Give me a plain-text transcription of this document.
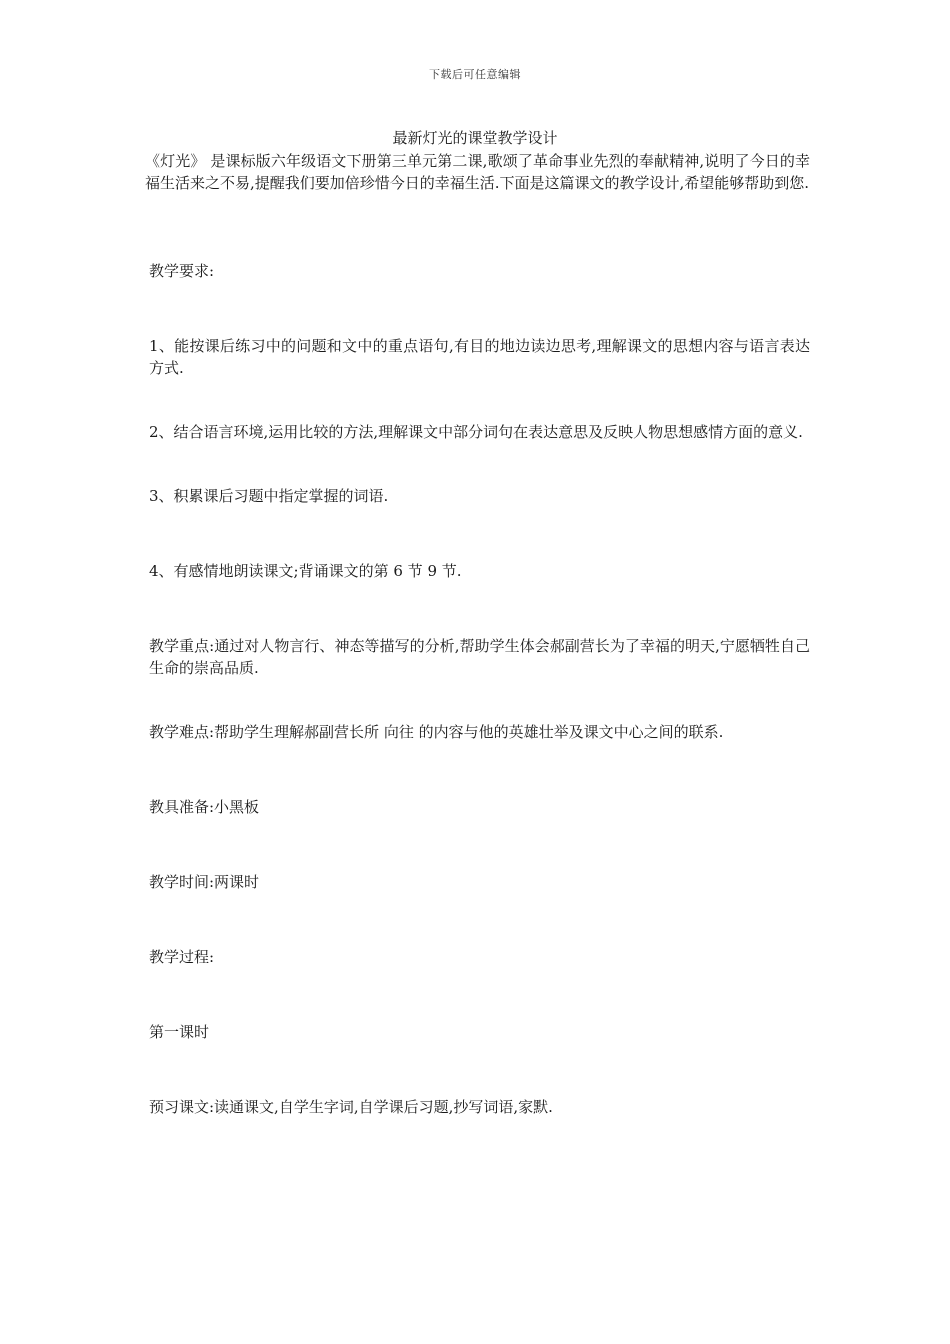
下载后可任意编辑
最新灯光的课堂教学设计

《灯光》 是课标版六年级语文下册第三单元第二课,歌颂了革命事业先烈的奉献精神,说明了今日的幸福生活来之不易,提醒我们要加倍珍惜今日的幸福生活.下面是这篇课文的教学设计,希望能够帮助到您.

教学要求:

1、能按课后练习中的问题和文中的重点语句,有目的地边读边思考,理解课文的思想内容与语言表达方式.

2、结合语言环境,运用比较的方法,理解课文中部分词句在表达意思及反映人物思想感情方面的意义.

3、积累课后习题中指定掌握的词语.

4、有感情地朗读课文;背诵课文的第 6 节 9 节.

教学重点:通过对人物言行、神态等描写的分析,帮助学生体会郝副营长为了幸福的明天,宁愿牺牲自己生命的崇高品质.

教学难点:帮助学生理解郝副营长所 向往 的内容与他的英雄壮举及课文中心之间的联系.

教具准备:小黑板

教学时间:两课时

教学过程:

第一课时

预习课文:读通课文,自学生字词,自学课后习题,抄写词语,家默.
